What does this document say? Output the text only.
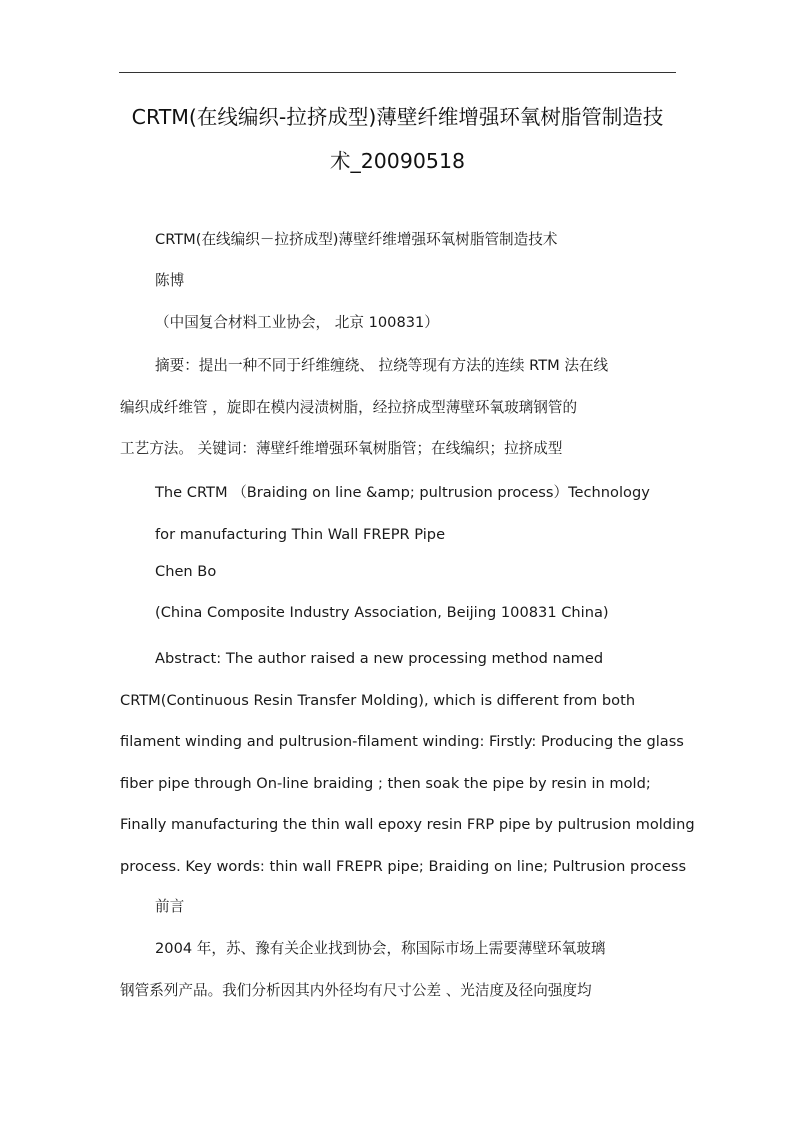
CRTM(在线编织-拉挤成型)薄壁纤维增强环氧树脂管制造技
术_20090518
CRTM(在线编织－拉挤成型)薄壁纤维增强环氧树脂管制造技术
陈博
（中国复合材料工业协会， 北京 100831）
摘要：提出一种不同于纤维缠绕、 拉绕等现有方法的连续 RTM 法在线
编织成纤维管 ，旋即在模内浸渍树脂，经拉挤成型薄壁环氧玻璃钢管的
工艺方法。 关键词：薄壁纤维增强环氧树脂管；在线编织；拉挤成型
The CRTM （Braiding on line &amp; pultrusion process）Technology
for manufacturing Thin Wall FREPR Pipe
Chen Bo
(China Composite Industry Association, Beijing 100831 China)
Abstract: The author raised a new processing method named
CRTM(Continuous Resin Transfer Molding), which is different from both
filament winding and pultrusion-filament winding: Firstly: Producing the glass
fiber pipe through On-line braiding ; then soak the pipe by resin in mold;
Finally manufacturing the thin wall epoxy resin FRP pipe by pultrusion molding
process. Key words: thin wall FREPR pipe; Braiding on line; Pultrusion process
前言
2004 年，苏、豫有关企业找到协会，称国际市场上需要薄壁环氧玻璃
钢管系列产品。我们分析因其内外径均有尺寸公差 、光洁度及径向强度均
